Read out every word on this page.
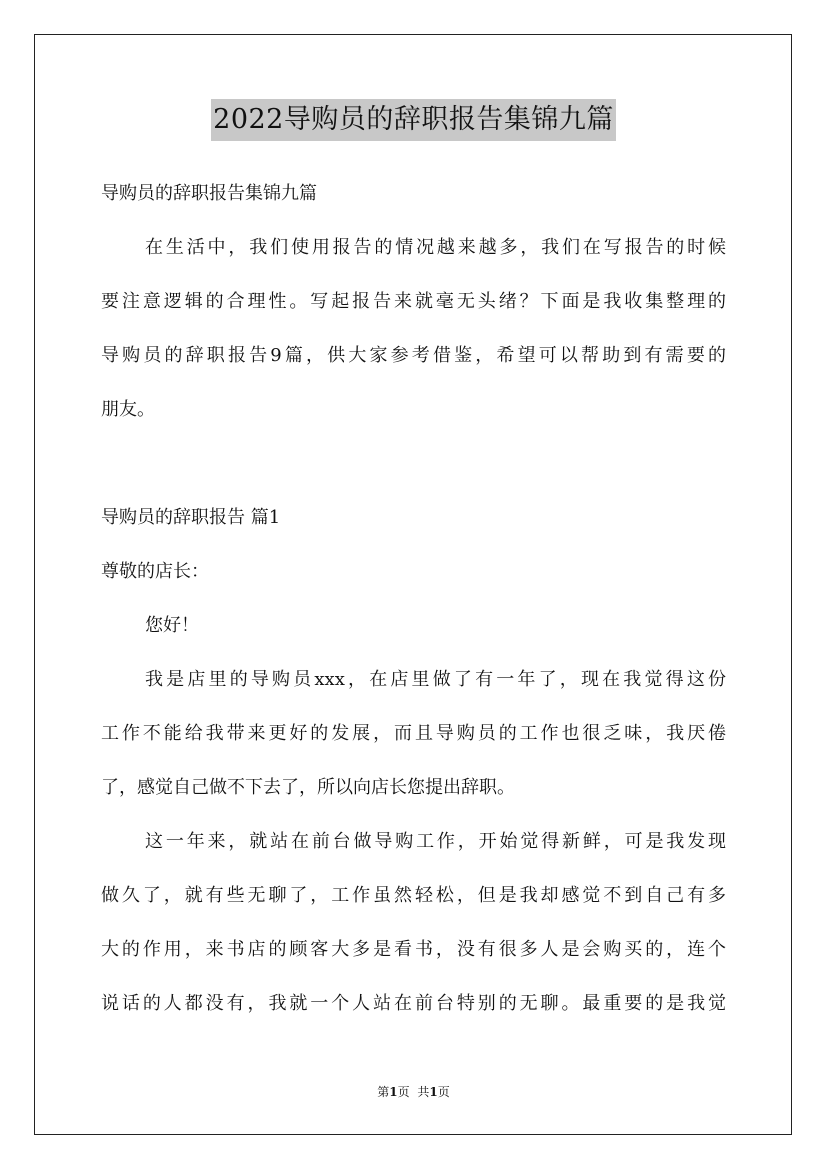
2022导购员的辞职报告集锦九篇
导购员的辞职报告集锦九篇
在生活中，我们使用报告的情况越来越多，我们在写报告的时候
要注意逻辑的合理性。写起报告来就毫无头绪？下面是我收集整理的
导购员的辞职报告9篇，供大家参考借鉴，希望可以帮助到有需要的
朋友。
导购员的辞职报告 篇1
尊敬的店长：
您好！
我是店里的导购员xxx，在店里做了有一年了，现在我觉得这份
工作不能给我带来更好的发展，而且导购员的工作也很乏味，我厌倦
了，感觉自己做不下去了，所以向店长您提出辞职。
这一年来，就站在前台做导购工作，开始觉得新鲜，可是我发现
做久了，就有些无聊了，工作虽然轻松，但是我却感觉不到自己有多
大的作用，来书店的顾客大多是看书，没有很多人是会购买的，连个
说话的人都没有，我就一个人站在前台特别的无聊。最重要的是我觉
第1页 共1页
